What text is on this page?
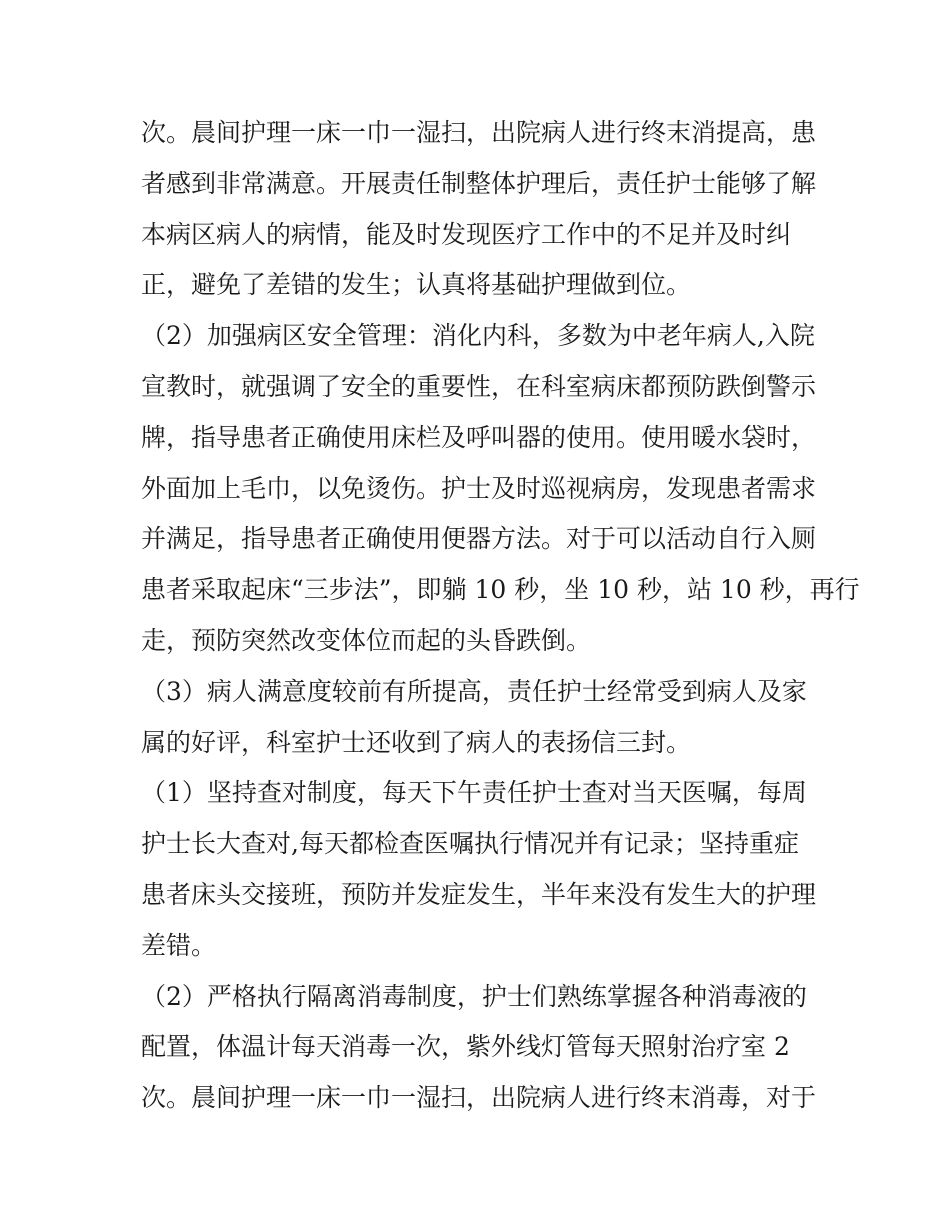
次。晨间护理一床一巾一湿扫，出院病人进行终末消提高，患
者感到非常满意。开展责任制整体护理后，责任护士能够了解
本病区病人的病情，能及时发现医疗工作中的不足并及时纠
正，避免了差错的发生；认真将基础护理做到位。
（2）加强病区安全管理：消化内科，多数为中老年病人,入院
宣教时，就强调了安全的重要性，在科室病床都预防跌倒警示
牌，指导患者正确使用床栏及呼叫器的使用。使用暖水袋时，
外面加上毛巾，以免烫伤。护士及时巡视病房，发现患者需求
并满足，指导患者正确使用便器方法。对于可以活动自行入厕
患者采取起床“三步法”，即躺 10 秒，坐 10 秒，站 10 秒，再行
走，预防突然改变体位而起的头昏跌倒。
（3）病人满意度较前有所提高，责任护士经常受到病人及家
属的好评，科室护士还收到了病人的表扬信三封。
（1）坚持查对制度，每天下午责任护士查对当天医嘱，每周
护士长大查对,每天都检查医嘱执行情况并有记录；坚持重症
患者床头交接班，预防并发症发生，半年来没有发生大的护理
差错。
（2）严格执行隔离消毒制度，护士们熟练掌握各种消毒液的
配置，体温计每天消毒一次，紫外线灯管每天照射治疗室 2
次。晨间护理一床一巾一湿扫，出院病人进行终末消毒，对于
